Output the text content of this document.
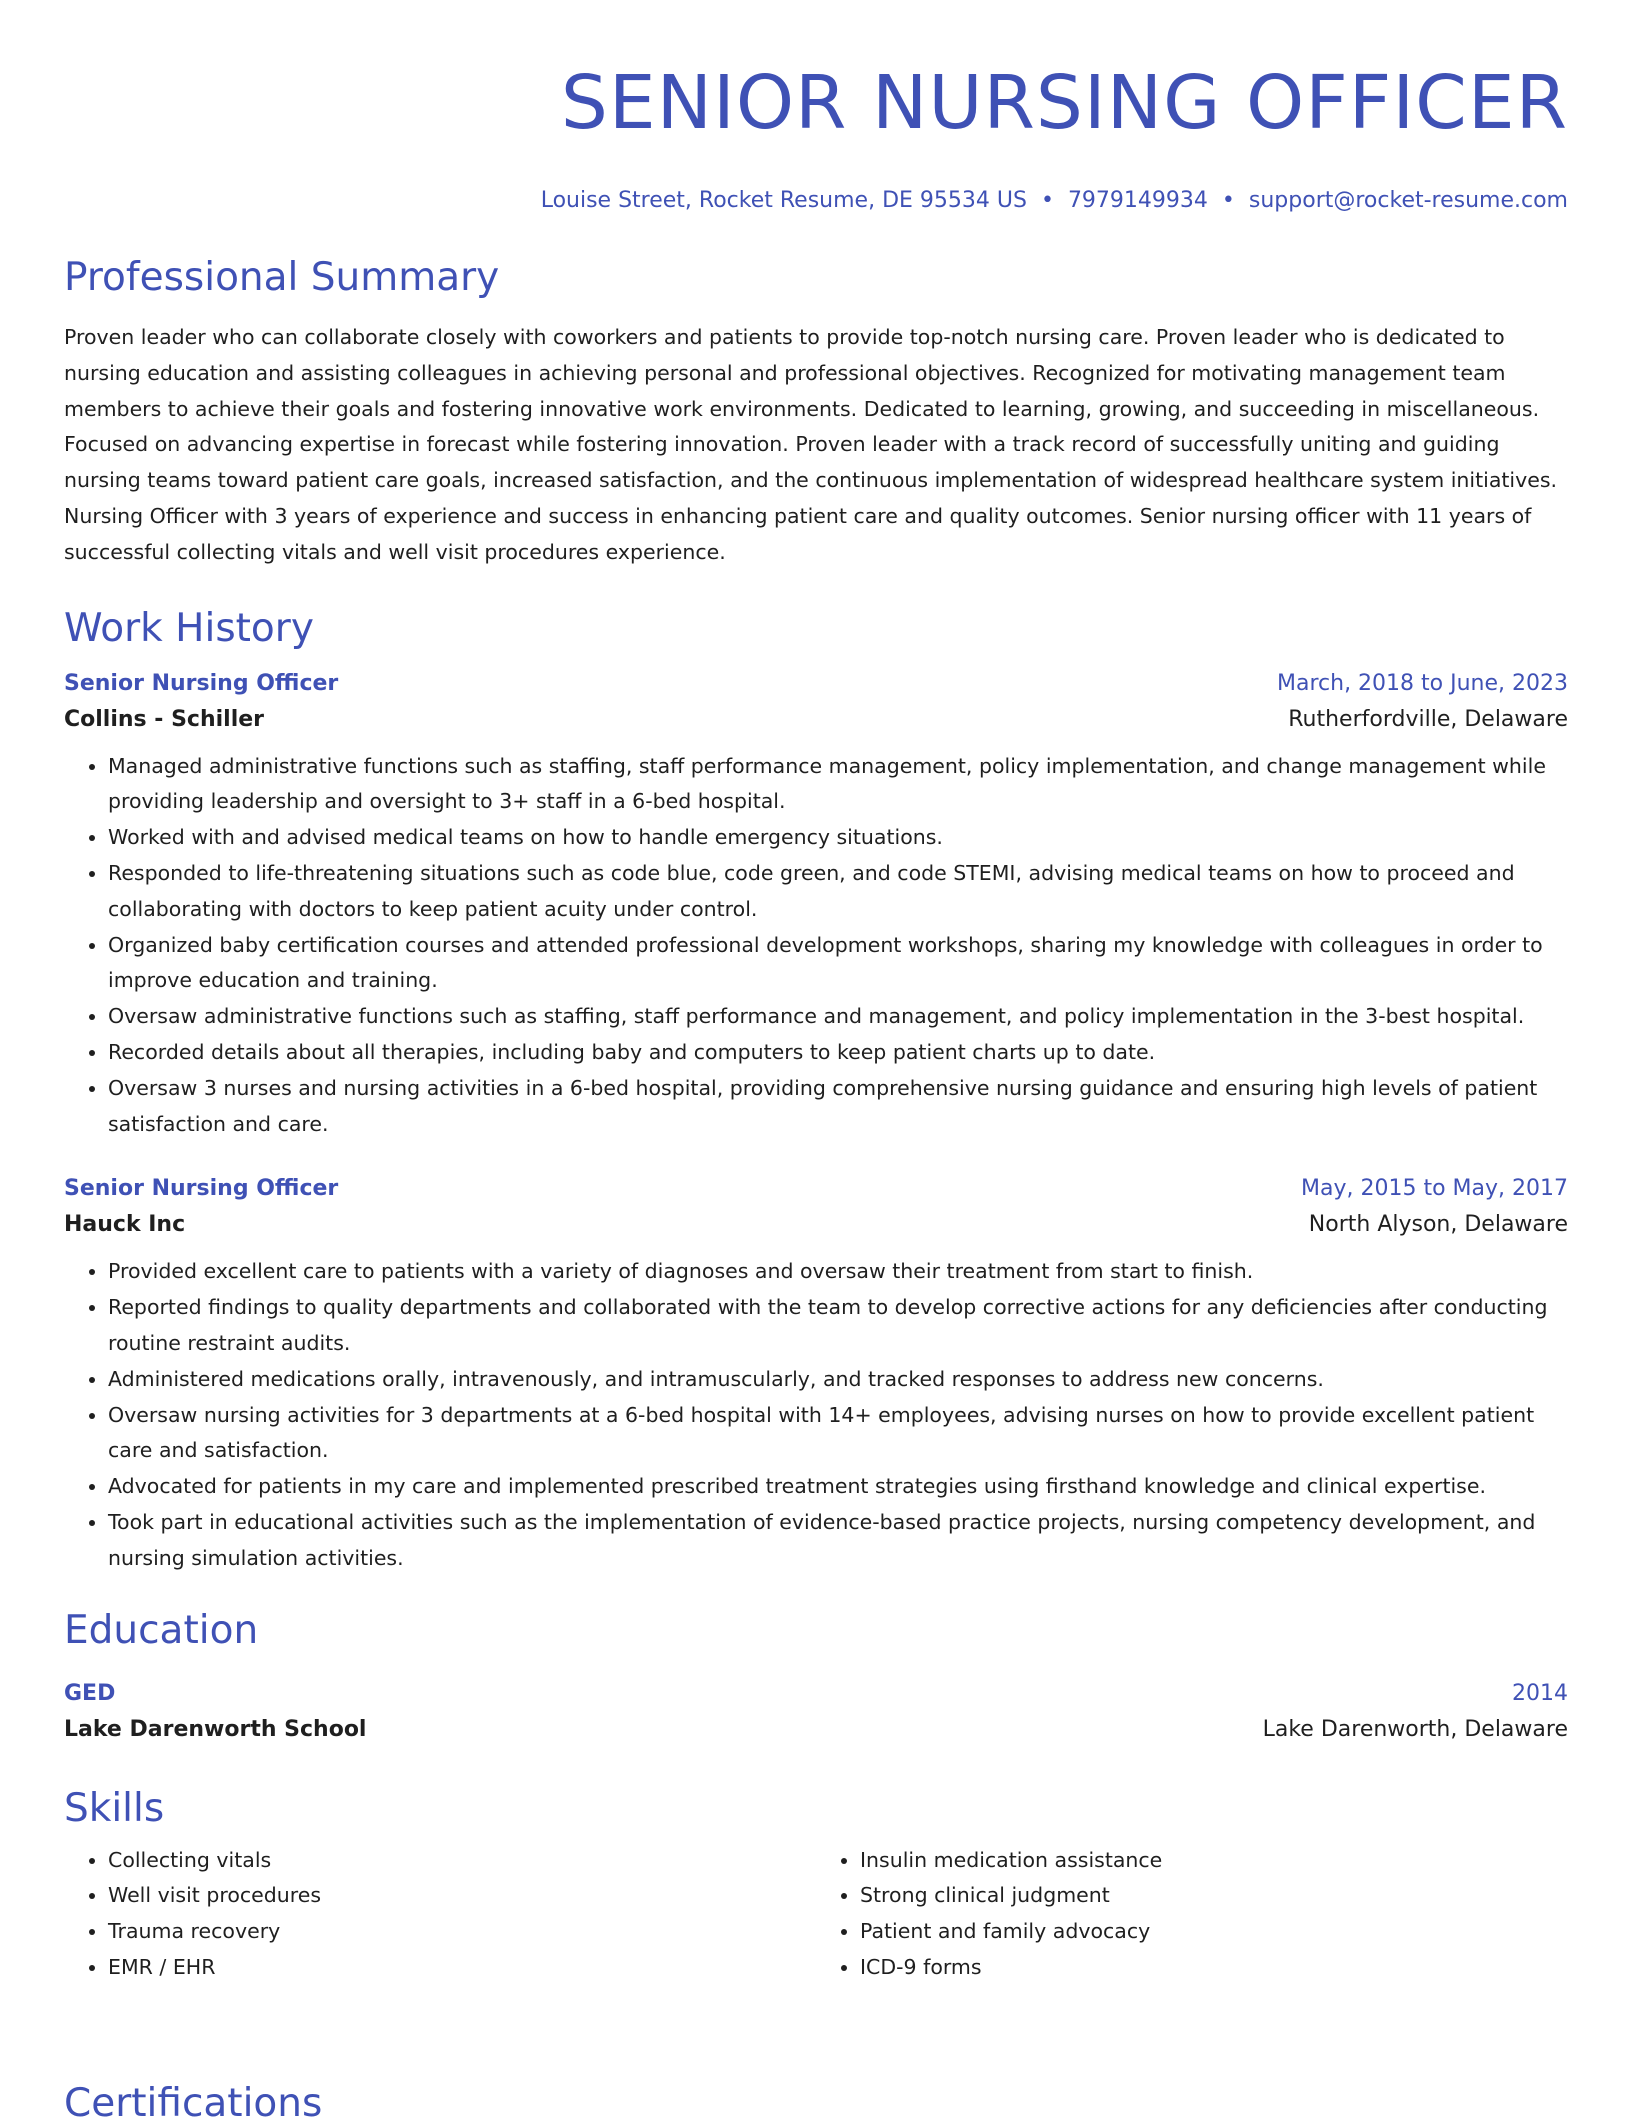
SENIOR NURSING OFFICER
Louise Street, Rocket Resume, DE 95534 US • 7979149934 • support@rocket-resume.com
Professional Summary
Proven leader who can collaborate closely with coworkers and patients to provide top-notch nursing care. Proven leader who is dedicated to nursing education and assisting colleagues in achieving personal and professional objectives. Recognized for motivating management team members to achieve their goals and fostering innovative work environments. Dedicated to learning, growing, and succeeding in miscellaneous. Focused on advancing expertise in forecast while fostering innovation. Proven leader with a track record of successfully uniting and guiding nursing teams toward patient care goals, increased satisfaction, and the continuous implementation of widespread healthcare system initiatives. Nursing Officer with 3 years of experience and success in enhancing patient care and quality outcomes. Senior nursing officer with 11 years of successful collecting vitals and well visit procedures experience.
Work History
Senior Nursing Officer	March, 2018 to June, 2023
Collins - Schiller	Rutherfordville, Delaware
• Managed administrative functions such as staffing, staff performance management, policy implementation, and change management while providing leadership and oversight to 3+ staff in a 6-bed hospital.
• Worked with and advised medical teams on how to handle emergency situations.
• Responded to life-threatening situations such as code blue, code green, and code STEMI, advising medical teams on how to proceed and collaborating with doctors to keep patient acuity under control.
• Organized baby certification courses and attended professional development workshops, sharing my knowledge with colleagues in order to improve education and training.
• Oversaw administrative functions such as staffing, staff performance and management, and policy implementation in the 3-best hospital.
• Recorded details about all therapies, including baby and computers to keep patient charts up to date.
• Oversaw 3 nurses and nursing activities in a 6-bed hospital, providing comprehensive nursing guidance and ensuring high levels of patient satisfaction and care.
Senior Nursing Officer	May, 2015 to May, 2017
Hauck Inc	North Alyson, Delaware
• Provided excellent care to patients with a variety of diagnoses and oversaw their treatment from start to finish.
• Reported findings to quality departments and collaborated with the team to develop corrective actions for any deficiencies after conducting routine restraint audits.
• Administered medications orally, intravenously, and intramuscularly, and tracked responses to address new concerns.
• Oversaw nursing activities for 3 departments at a 6-bed hospital with 14+ employees, advising nurses on how to provide excellent patient care and satisfaction.
• Advocated for patients in my care and implemented prescribed treatment strategies using firsthand knowledge and clinical expertise.
• Took part in educational activities such as the implementation of evidence-based practice projects, nursing competency development, and nursing simulation activities.
Education
GED	2014
Lake Darenworth School	Lake Darenworth, Delaware
Skills
• Collecting vitals
• Well visit procedures
• Trauma recovery
• EMR / EHR
• Insulin medication assistance
• Strong clinical judgment
• Patient and family advocacy
• ICD-9 forms
Certifications
